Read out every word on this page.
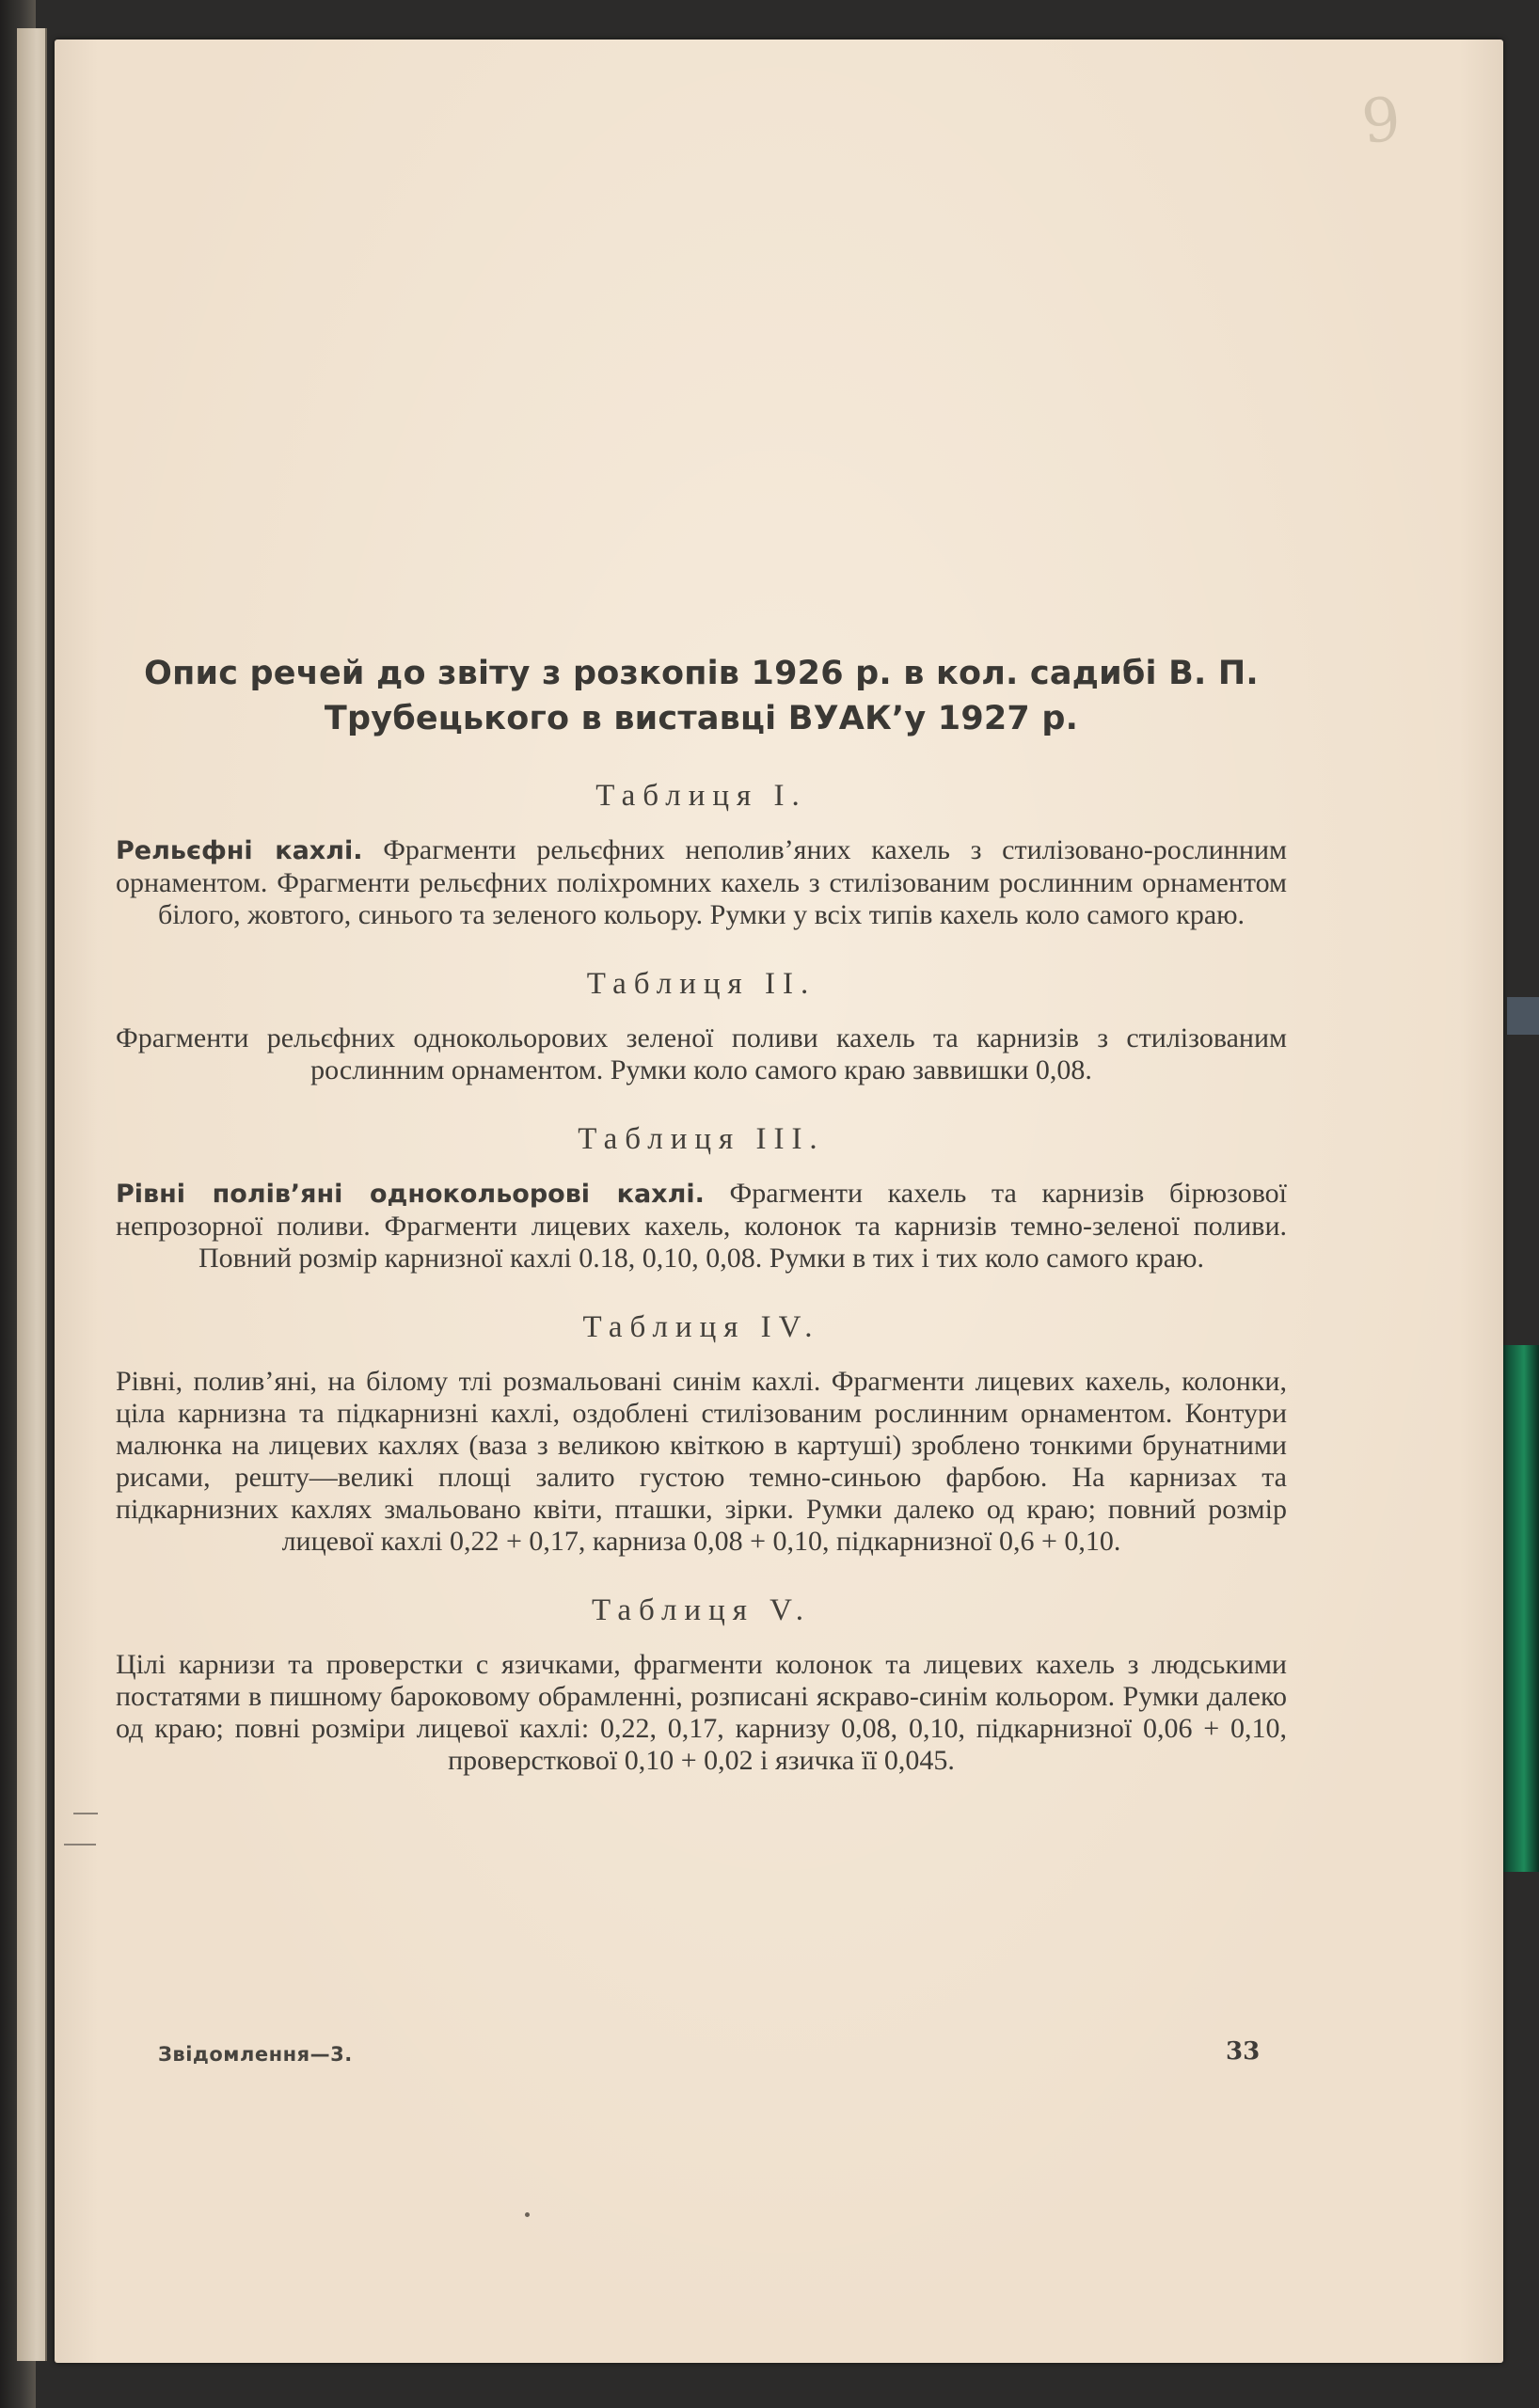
9
Опис речей до звіту з розкопів 1926 р. в кол. садибі В. П. Трубецького в виставці ВУАК’у 1927 р.
Таблиця I.

Рельєфні кахлі. Фрагменти рельєфних неполив’яних кахель з стилізовано-рослинним орнаментом. Фрагменти рельєфних поліхромних кахель з стилізованим рослинним орнаментом білого, жовтого, синього та зеленого кольору. Румки у всіх типів кахель коло самого краю.

Таблиця II.

Фрагменти рельєфних однокольорових зеленої поливи кахель та карнизів з стилізованим рослинним орнаментом. Румки коло самого краю заввишки 0,08.

Таблиця III.

Рівні полів’яні однокольорові кахлі. Фрагменти кахель та карнизів бірюзової непрозорної поливи. Фрагменти лицевих кахель, колонок та карнизів темно-зеленої поливи. Повний розмір карнизної кахлі 0.18, 0,10, 0,08. Румки в тих і тих коло самого краю.

Таблиця IV.

Рівні, полив’яні, на білому тлі розмальовані синім кахлі. Фрагменти лицевих кахель, колонки, ціла карнизна та підкарнизні кахлі, оздоблені стилізованим рослинним орнаментом. Контури малюнка на лицевих кахлях (ваза з великою квіткою в картуші) зроблено тонкими брунатними рисами, решту—великі площі залито густою темно-синьою фарбою. На карнизах та підкарнизних кахлях змальовано квіти, пташки, зірки. Румки далеко од краю; повний розмір лицевої кахлі 0,22 + 0,17, карниза 0,08 + 0,10, підкарнизної 0,6 + 0,10.

Таблиця V.

Цілі карнизи та проверстки с язичками, фрагменти колонок та лицевих кахель з людськими постатями в пишному бароковому обрамленні, розписані яскраво-синім кольором. Румки далеко од краю; повні розміри лицевої кахлі: 0,22, 0,17, карнизу 0,08, 0,10, підкарнизної 0,06 + 0,10, проверсткової 0,10 + 0,02 і язичка її 0,045.

Звідомлення—3.	33
